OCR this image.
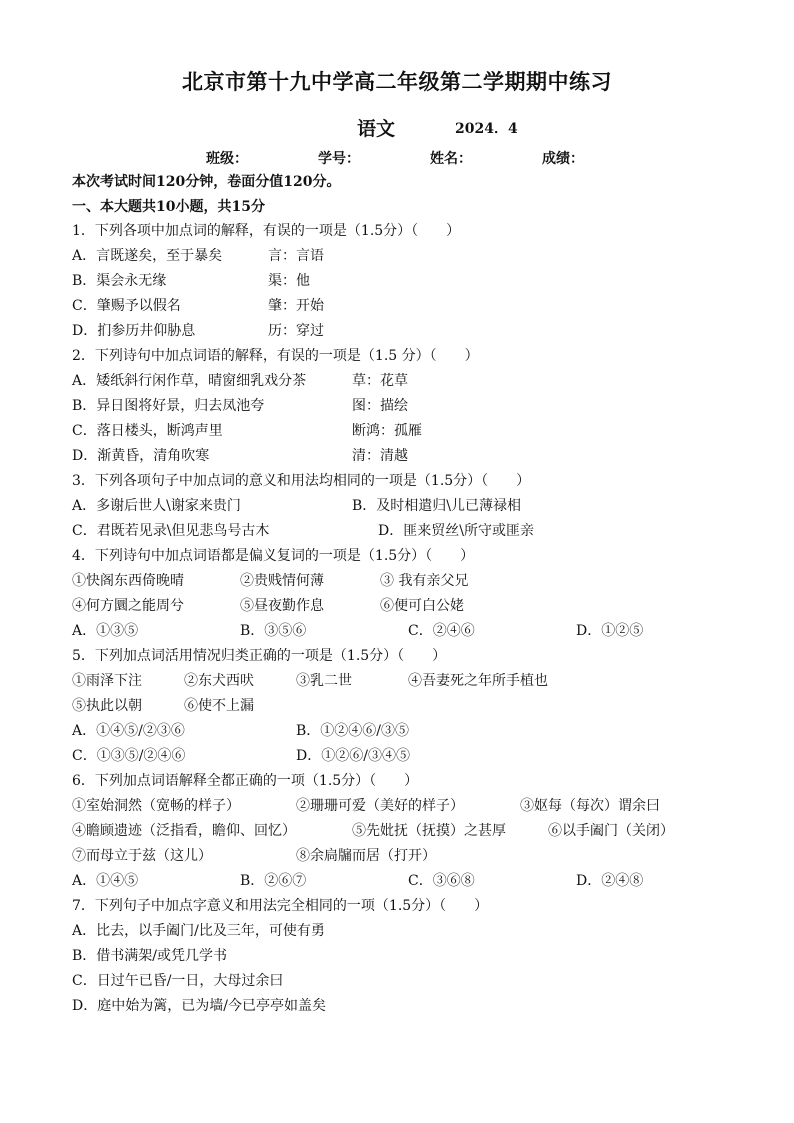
北京市第十九中学高二年级第二学期期中练习
语文	2024．4
班级：	学号：	姓名：	成绩：
本次考试时间120分钟，卷面分值120分。
一、本大题共10小题，共15分
1．下列各项中加点词的解释，有误的一项是（1.5分）（　　）
A．言既遂矣，至于暴矣	言：言语
B．渠会永无缘	渠：他
C．肇赐予以假名	肇：开始
D．扪参历井仰胁息	历：穿过
2．下列诗句中加点词语的解释，有误的一项是（1.5 分）（　　）
A．矮纸斜行闲作草，晴窗细乳戏分茶	草：花草
B．异日图将好景，归去凤池夸	图：描绘
C．落日楼头，断鸿声里	断鸿：孤雁
D．渐黄昏，清角吹寒	清：清越
3．下列各项句子中加点词的意义和用法均相同的一项是（1.5分）（　　）
A．多谢后世人\谢家来贵门	B．及时相遣归\儿已薄禄相
C．君既若见录\但见悲鸟号古木	D．匪来贸丝\所守或匪亲
4．下列诗句中加点词语都是偏义复词的一项是（1.5分）（　　）
①快阁东西倚晚晴	②贵贱情何薄	③ 我有亲父兄
④何方圜之能周兮	⑤昼夜勤作息	⑥便可白公姥
A．①③⑤	B．③⑤⑥	C．②④⑥	D．①②⑤
5．下列加点词活用情况归类正确的一项是（1.5分）（　　）
①雨泽下注	②东犬西吠	③乳二世	④吾妻死之年所手植也
⑤执此以朝	⑥使不上漏
A．①④⑤/②③⑥	B．①②④⑥/③⑤
C．①③⑤/②④⑥	D．①②⑥/③④⑤
6．下列加点词语解释全都正确的一项（1.5分）（　　）
①室始洞然（宽畅的样子）	②珊珊可爱（美好的样子）	③妪每（每次）谓余曰
④瞻顾遗迹（泛指看，瞻仰、回忆）	⑤先妣抚（抚摸）之甚厚	⑥以手阖门（关闭）
⑦而母立于兹（这儿）	⑧余扃牖而居（打开）
A．①④⑤	B．②⑥⑦	C．③⑥⑧	D．②④⑧
7．下列句子中加点字意义和用法完全相同的一项（1.5分）（　　）
A．比去，以手阖门/比及三年，可使有勇
B．借书满架/或凭几学书
C．日过午已昏/一日，大母过余曰
D．庭中始为篱，已为墙/今已亭亭如盖矣
